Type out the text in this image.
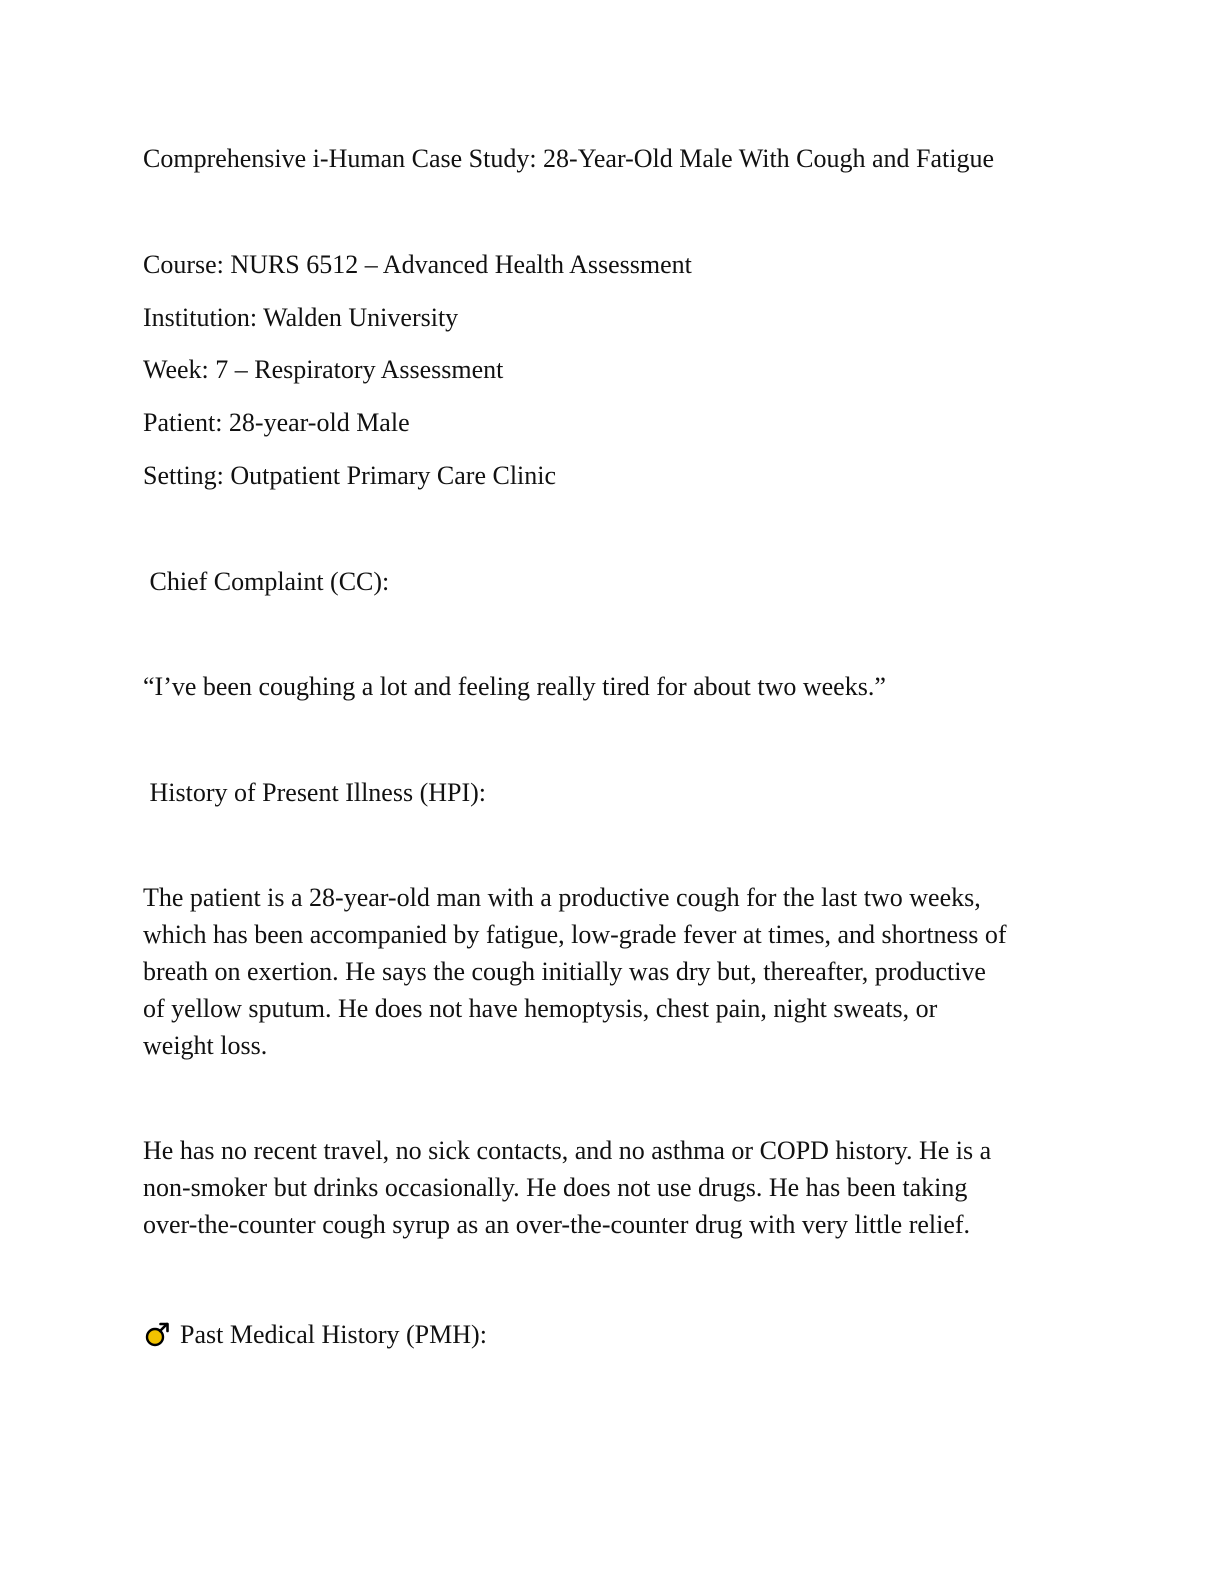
Comprehensive i-Human Case Study: 28-Year-Old Male With Cough and Fatigue

Course: NURS 6512 – Advanced Health Assessment

Institution: Walden University

Week: 7 – Respiratory Assessment

Patient: 28-year-old Male

Setting: Outpatient Primary Care Clinic

Chief Complaint (CC):

“I’ve been coughing a lot and feeling really tired for about two weeks.”

History of Present Illness (HPI):

The patient is a 28-year-old man with a productive cough for the last two weeks,

which has been accompanied by fatigue, low-grade fever at times, and shortness of

breath on exertion. He says the cough initially was dry but, thereafter, productive

of yellow sputum. He does not have hemoptysis, chest pain, night sweats, or

weight loss.

He has no recent travel, no sick contacts, and no asthma or COPD history. He is a

non-smoker but drinks occasionally. He does not use drugs. He has been taking

over-the-counter cough syrup as an over-the-counter drug with very little relief.

Past Medical History (PMH):
